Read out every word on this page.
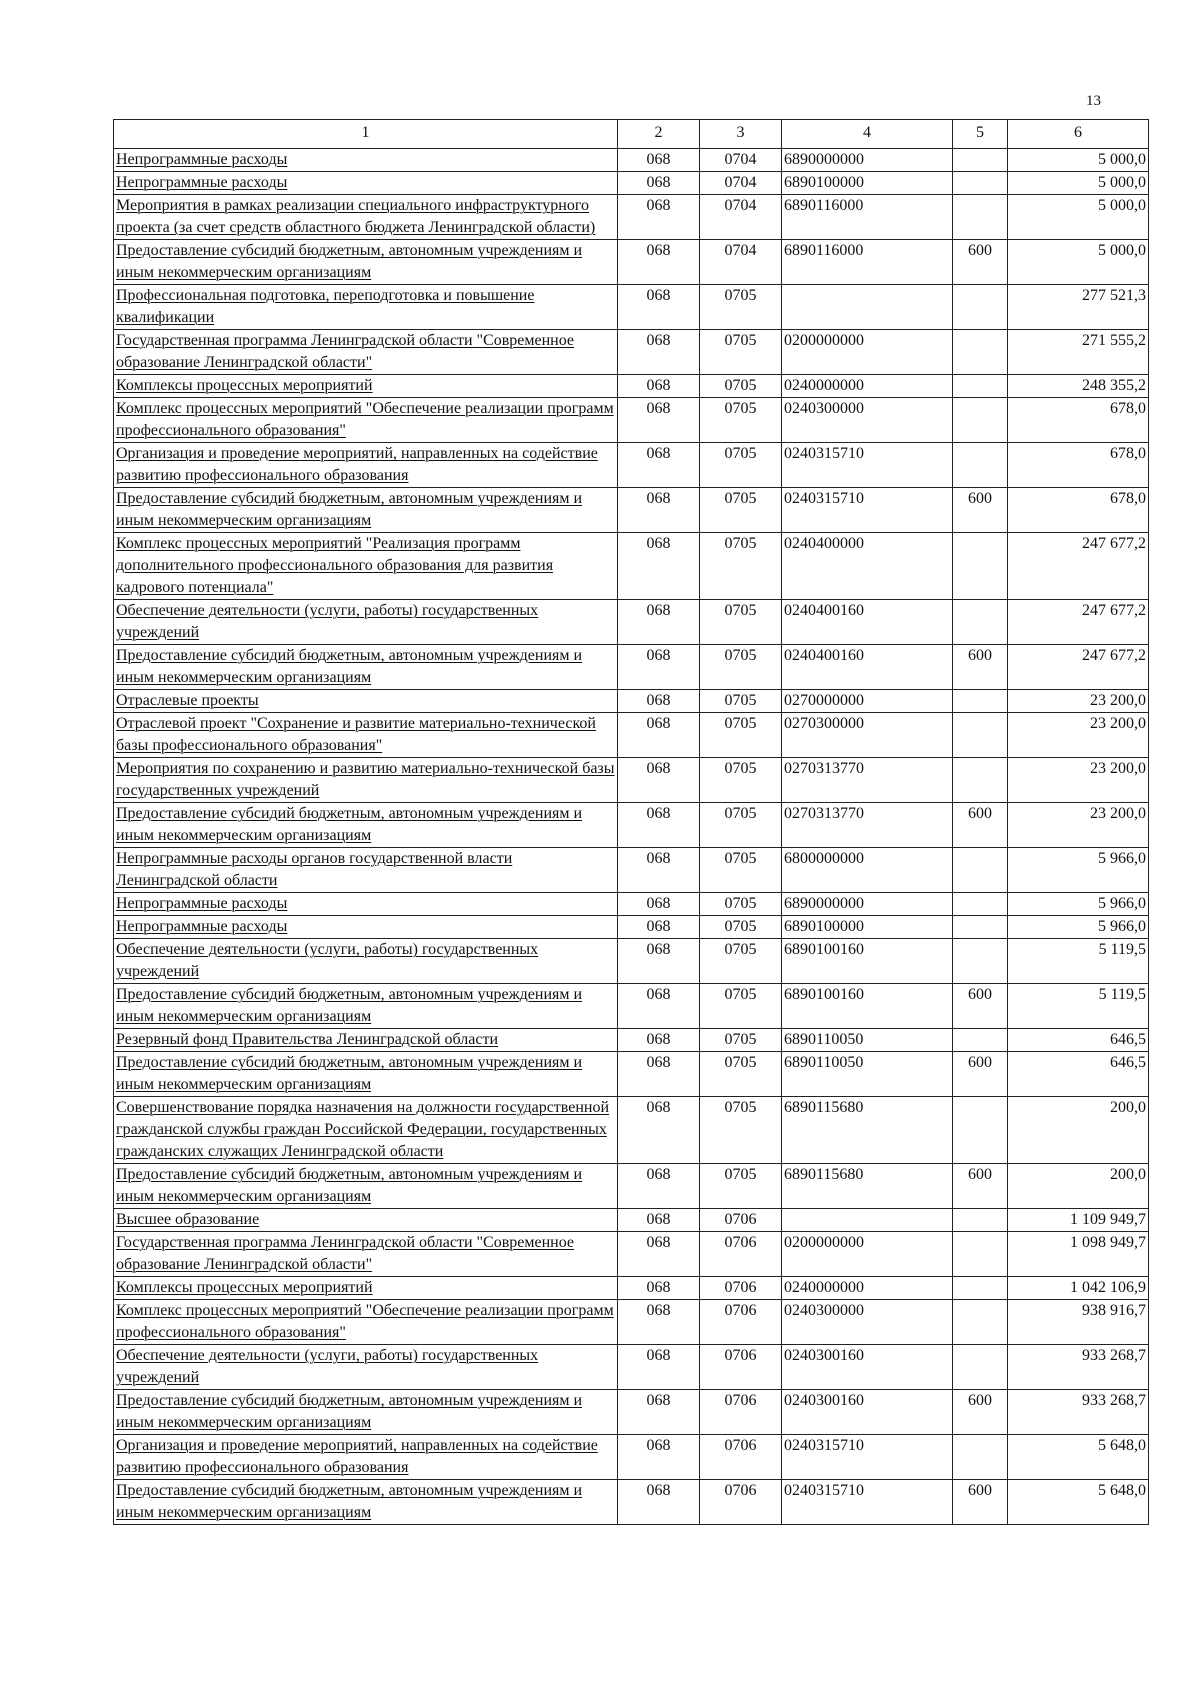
13
1	2	3	4	5	6
Непрограммные расходы	068	0704	6890000000		5 000,0
Непрограммные расходы	068	0704	6890100000		5 000,0
Мероприятия в рамках реализации специального инфраструктурного проекта (за счет средств областного бюджета Ленинградской области)	068	0704	6890116000		5 000,0
Предоставление субсидий бюджетным, автономным учреждениям и иным некоммерческим организациям	068	0704	6890116000	600	5 000,0
Профессиональная подготовка, переподготовка и повышение квалификации	068	0705			277 521,3
Государственная программа Ленинградской области "Современное образование Ленинградской области"	068	0705	0200000000		271 555,2
Комплексы процессных мероприятий	068	0705	0240000000		248 355,2
Комплекс процессных мероприятий "Обеспечение реализации программ профессионального образования"	068	0705	0240300000		678,0
Организация и проведение мероприятий, направленных на содействие развитию профессионального образования	068	0705	0240315710		678,0
Предоставление субсидий бюджетным, автономным учреждениям и иным некоммерческим организациям	068	0705	0240315710	600	678,0
Комплекс процессных мероприятий "Реализация программ дополнительного профессионального образования для развития кадрового потенциала"	068	0705	0240400000		247 677,2
Обеспечение деятельности (услуги, работы) государственных учреждений	068	0705	0240400160		247 677,2
Предоставление субсидий бюджетным, автономным учреждениям и иным некоммерческим организациям	068	0705	0240400160	600	247 677,2
Отраслевые проекты	068	0705	0270000000		23 200,0
Отраслевой проект "Сохранение и развитие материально-технической базы профессионального образования"	068	0705	0270300000		23 200,0
Мероприятия по сохранению и развитию материально-технической базы государственных учреждений	068	0705	0270313770		23 200,0
Предоставление субсидий бюджетным, автономным учреждениям и иным некоммерческим организациям	068	0705	0270313770	600	23 200,0
Непрограммные расходы органов государственной власти Ленинградской области	068	0705	6800000000		5 966,0
Непрограммные расходы	068	0705	6890000000		5 966,0
Непрограммные расходы	068	0705	6890100000		5 966,0
Обеспечение деятельности (услуги, работы) государственных учреждений	068	0705	6890100160		5 119,5
Предоставление субсидий бюджетным, автономным учреждениям и иным некоммерческим организациям	068	0705	6890100160	600	5 119,5
Резервный фонд Правительства Ленинградской области	068	0705	6890110050		646,5
Предоставление субсидий бюджетным, автономным учреждениям и иным некоммерческим организациям	068	0705	6890110050	600	646,5
Совершенствование порядка назначения на должности государственной гражданской службы граждан Российской Федерации, государственных гражданских служащих Ленинградской области	068	0705	6890115680		200,0
Предоставление субсидий бюджетным, автономным учреждениям и иным некоммерческим организациям	068	0705	6890115680	600	200,0
Высшее образование	068	0706			1 109 949,7
Государственная программа Ленинградской области "Современное образование Ленинградской области"	068	0706	0200000000		1 098 949,7
Комплексы процессных мероприятий	068	0706	0240000000		1 042 106,9
Комплекс процессных мероприятий "Обеспечение реализации программ профессионального образования"	068	0706	0240300000		938 916,7
Обеспечение деятельности (услуги, работы) государственных учреждений	068	0706	0240300160		933 268,7
Предоставление субсидий бюджетным, автономным учреждениям и иным некоммерческим организациям	068	0706	0240300160	600	933 268,7
Организация и проведение мероприятий, направленных на содействие развитию профессионального образования	068	0706	0240315710		5 648,0
Предоставление субсидий бюджетным, автономным учреждениям и иным некоммерческим организациям	068	0706	0240315710	600	5 648,0
